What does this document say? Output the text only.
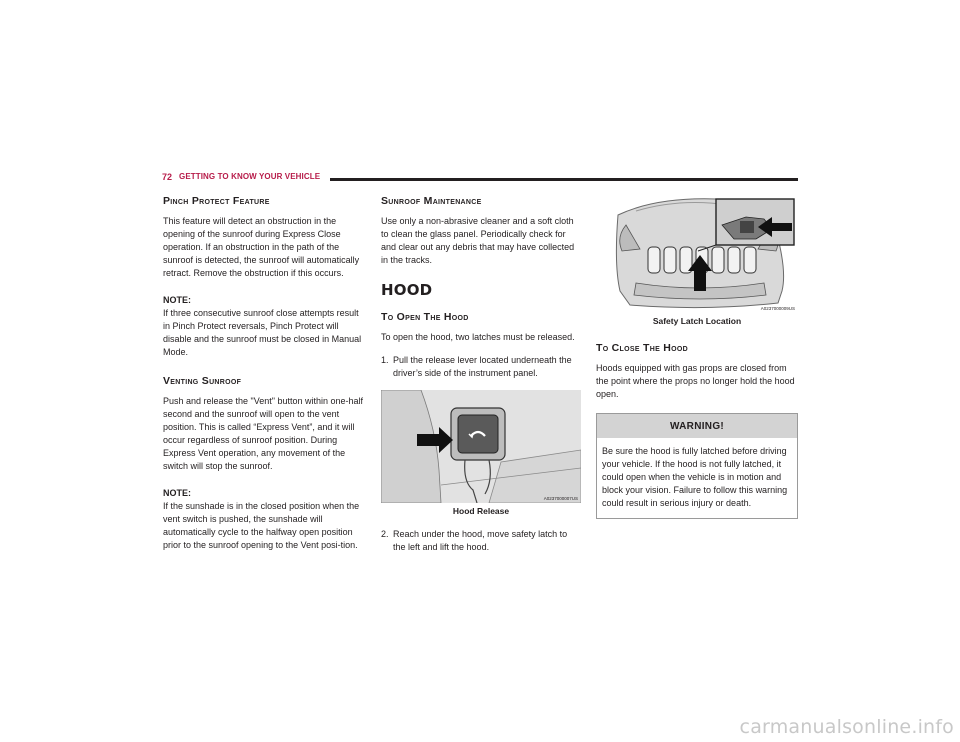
72 GETTING TO KNOW YOUR VEHICLE
Pinch Protect Feature

This feature will detect an obstruction in the opening of the sunroof during Express Close operation. If an obstruction in the path of the sunroof is detected, the sunroof will automatically retract. Remove the obstruction if this occurs.

NOTE:

If three consecutive sunroof close attempts result in Pinch Protect reversals, Pinch Protect will disable and the sunroof must be closed in Manual Mode.

Venting Sunroof

Push and release the "Vent" button within one-half second and the sunroof will open to the vent position. This is called “Express Vent”, and it will occur regardless of sunroof position. During Express Vent operation, any movement of the switch will stop the sunroof.

NOTE:

If the sunshade is in the closed position when the vent switch is pushed, the sunshade will automatically cycle to the halfway open position prior to the sunroof opening to the Vent posi-tion.

Sunroof Maintenance

Use only a non-abrasive cleaner and a soft cloth to clean the glass panel. Periodically check for and clear out any debris that may have collected in the tracks.

HOOD
To Open The Hood

To open the hood, two latches must be released.

1. Pull the release lever located underneath the driver’s side of the instrument panel.
A0237000007US
Hood Release
2. Reach under the hood, move safety latch to the left and lift the hood.
A0237000009US
Safety Latch Location
To Close The Hood

Hoods equipped with gas props are closed from the point where the props no longer hold the hood open.

WARNING!
Be sure the hood is fully latched before driving your vehicle. If the hood is not fully latched, it could open when the vehicle is in motion and block your vision. Failure to follow this warning could result in serious injury or death.
carmanualsonline.info
